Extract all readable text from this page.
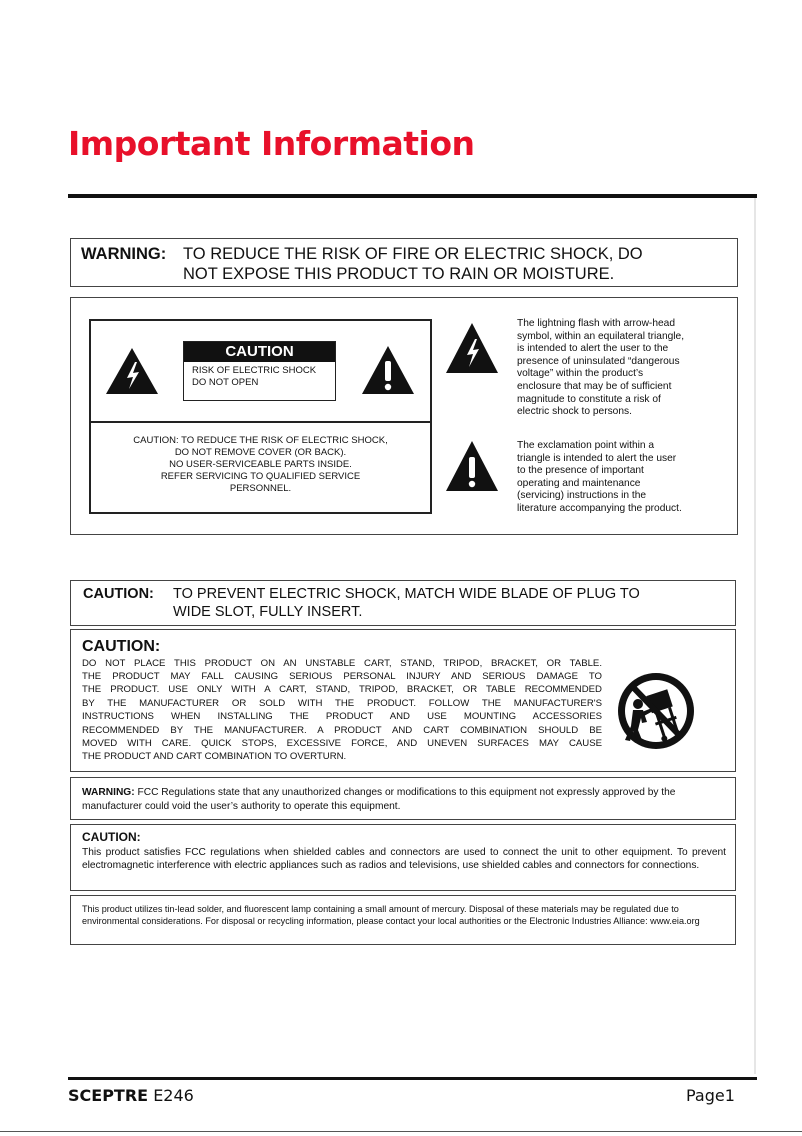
Important Information
WARNING: TO REDUCE THE RISK OF FIRE OR ELECTRIC SHOCK, DO
NOT EXPOSE THIS PRODUCT TO RAIN OR MOISTURE.
CAUTION
RISK OF ELECTRIC SHOCK
DO NOT OPEN
CAUTION: TO REDUCE THE RISK OF ELECTRIC SHOCK,
DO NOT REMOVE COVER (OR BACK).
NO USER-SERVICEABLE PARTS INSIDE.
REFER SERVICING TO QUALIFIED SERVICE
PERSONNEL.
The lightning flash with arrow-head
symbol, within an equilateral triangle,
is intended to alert the user to the
presence of uninsulated “dangerous
voltage” within the product’s
enclosure that may be of sufficient
magnitude to constitute a risk of
electric shock to persons.
The exclamation point within a
triangle is intended to alert the user
to the presence of important
operating and maintenance
(servicing) instructions in the
literature accompanying the product.
CAUTION: TO PREVENT ELECTRIC SHOCK, MATCH WIDE BLADE OF PLUG TO
WIDE SLOT, FULLY INSERT.
CAUTION:
DO NOT PLACE THIS PRODUCT ON AN UNSTABLE CART, STAND, TRIPOD, BRACKET, OR TABLE.
THE PRODUCT MAY FALL CAUSING SERIOUS PERSONAL INJURY AND SERIOUS DAMAGE TO
THE PRODUCT. USE ONLY WITH A CART, STAND, TRIPOD, BRACKET, OR TABLE RECOMMENDED
BY THE MANUFACTURER OR SOLD WITH THE PRODUCT. FOLLOW THE MANUFACTURER'S
INSTRUCTIONS WHEN INSTALLING THE PRODUCT AND USE MOUNTING ACCESSORIES
RECOMMENDED BY THE MANUFACTURER. A PRODUCT AND CART COMBINATION SHOULD BE
MOVED WITH CARE. QUICK STOPS, EXCESSIVE FORCE, AND UNEVEN SURFACES MAY CAUSE
THE PRODUCT AND CART COMBINATION TO OVERTURN.
WARNING: FCC Regulations state that any unauthorized changes or modifications to this equipment not expressly approved by the manufacturer could void the user’s authority to operate this equipment.
CAUTION:
This product satisfies FCC regulations when shielded cables and connectors are used to connect the unit to other equipment. To prevent electromagnetic interference with electric appliances such as radios and televisions, use shielded cables and connectors for connections.
This product utilizes tin-lead solder, and fluorescent lamp containing a small amount of mercury. Disposal of these materials may be regulated due to environmental considerations. For disposal or recycling information, please contact your local authorities or the Electronic Industries Alliance: www.eia.org
SCEPTRE E246	Page1
